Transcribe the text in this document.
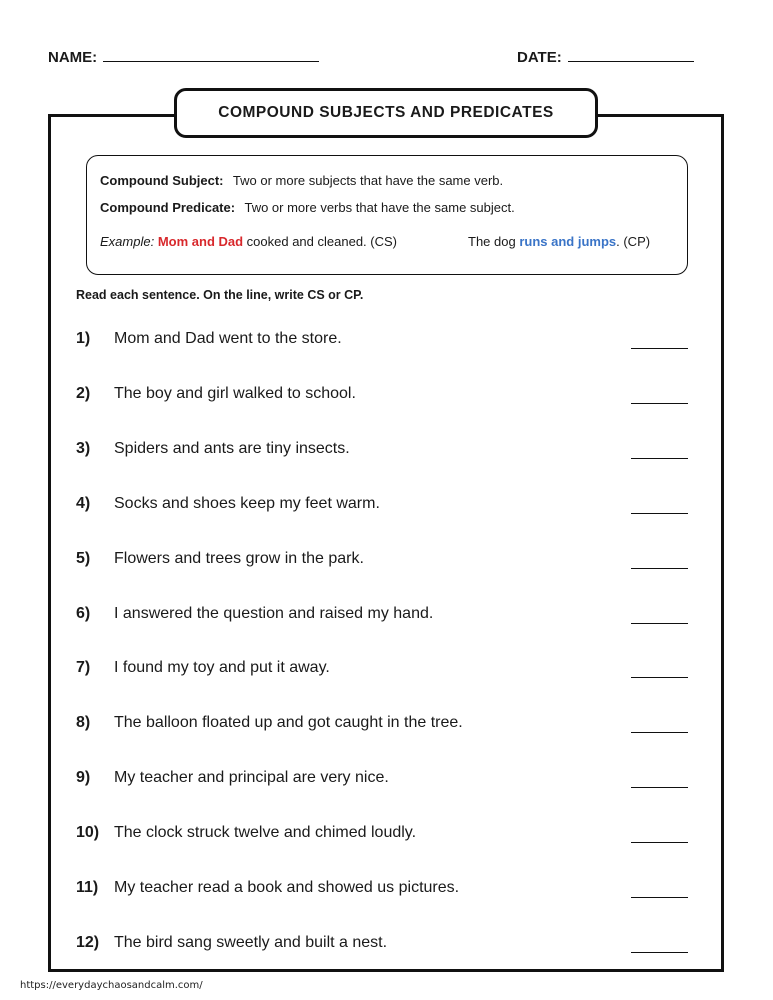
NAME:	DATE:
COMPOUND SUBJECTS AND PREDICATES
Compound Subject: Two or more subjects that have the same verb.
Compound Predicate: Two or more verbs that have the same subject.
Example: Mom and Dad cooked and cleaned. (CS)	The dog runs and jumps. (CP)
Read each sentence. On the line, write CS or CP.
1) Mom and Dad went to the store.
2) The boy and girl walked to school.
3) Spiders and ants are tiny insects.
4) Socks and shoes keep my feet warm.
5) Flowers and trees grow in the park.
6) I answered the question and raised my hand.
7) I found my toy and put it away.
8) The balloon floated up and got caught in the tree.
9) My teacher and principal are very nice.
10) The clock struck twelve and chimed loudly.
11) My teacher read a book and showed us pictures.
12) The bird sang sweetly and built a nest.
https://everydaychaosandcalm.com/
